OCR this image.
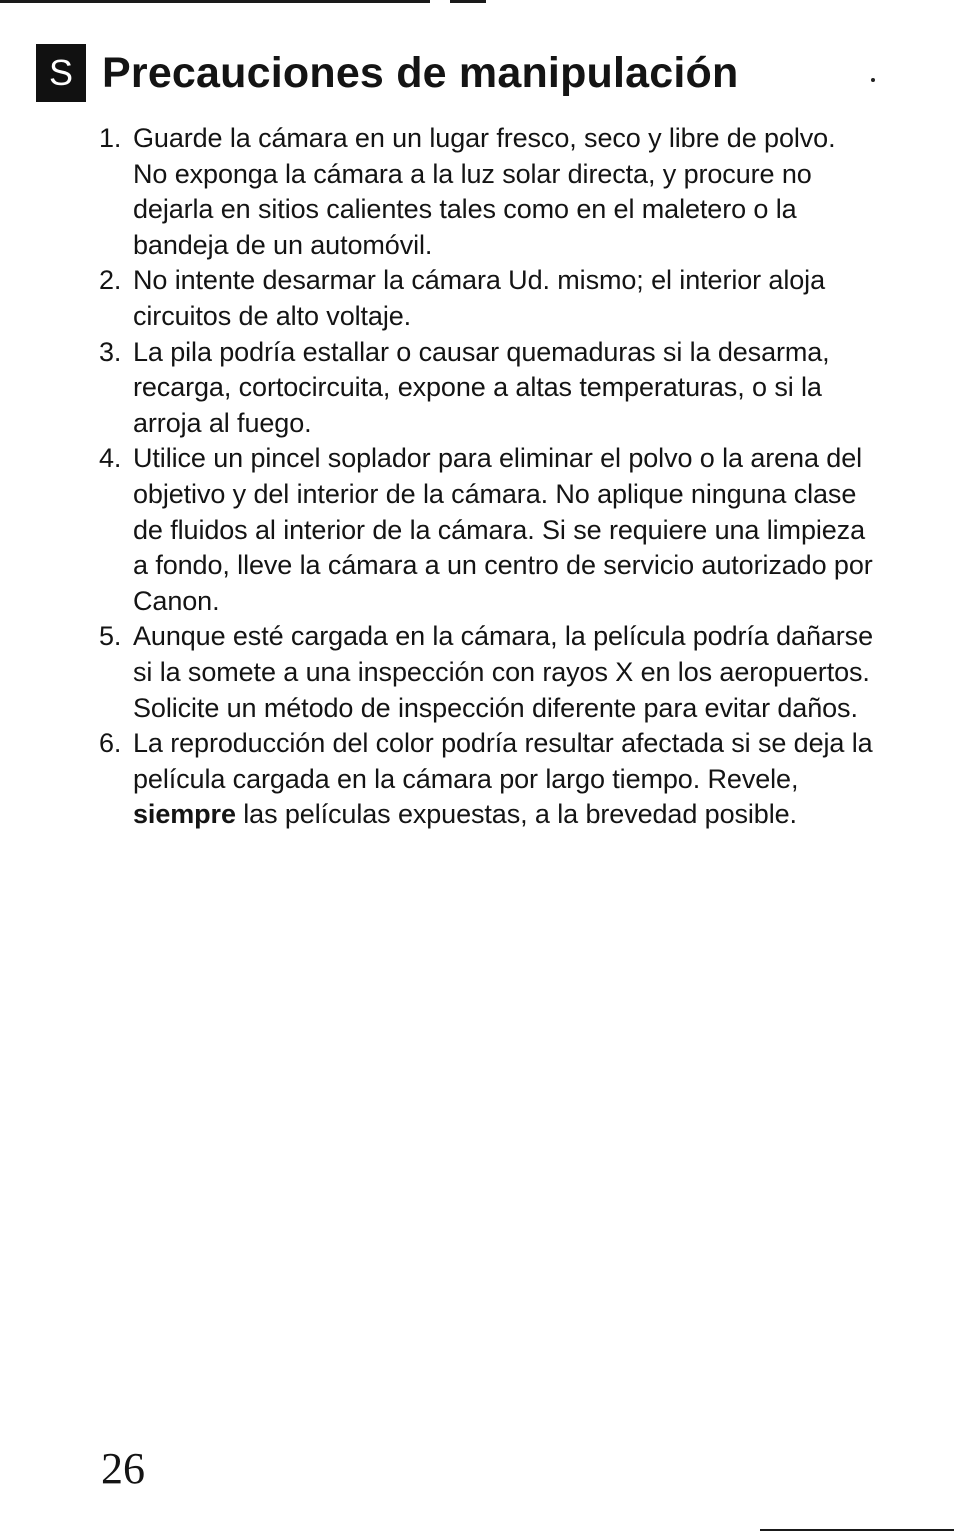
S Precauciones de manipulación
1. Guarde la cámara en un lugar fresco, seco y libre de polvo. No exponga la cámara a la luz solar directa, y procure no dejarla en sitios calientes tales como en el maletero o la bandeja de un automóvil.
2. No intente desarmar la cámara Ud. mismo; el interior aloja circuitos de alto voltaje.
3. La pila podría estallar o causar quemaduras si la desarma, recarga, cortocircuita, expone a altas temperaturas, o si la arroja al fuego.
4. Utilice un pincel soplador para eliminar el polvo o la arena del objetivo y del interior de la cámara. No aplique ninguna clase de fluidos al interior de la cámara. Si se requiere una limpieza a fondo, lleve la cámara a un centro de servicio autorizado por Canon.
5. Aunque esté cargada en la cámara, la película podría dañarse si la somete a una inspección con rayos X en los aeropuertos. Solicite un método de inspección diferente para evitar daños.
6. La reproducción del color podría resultar afectada si se deja la película cargada en la cámara por largo tiempo. Revele, siempre las películas expuestas, a la brevedad posible.
26
